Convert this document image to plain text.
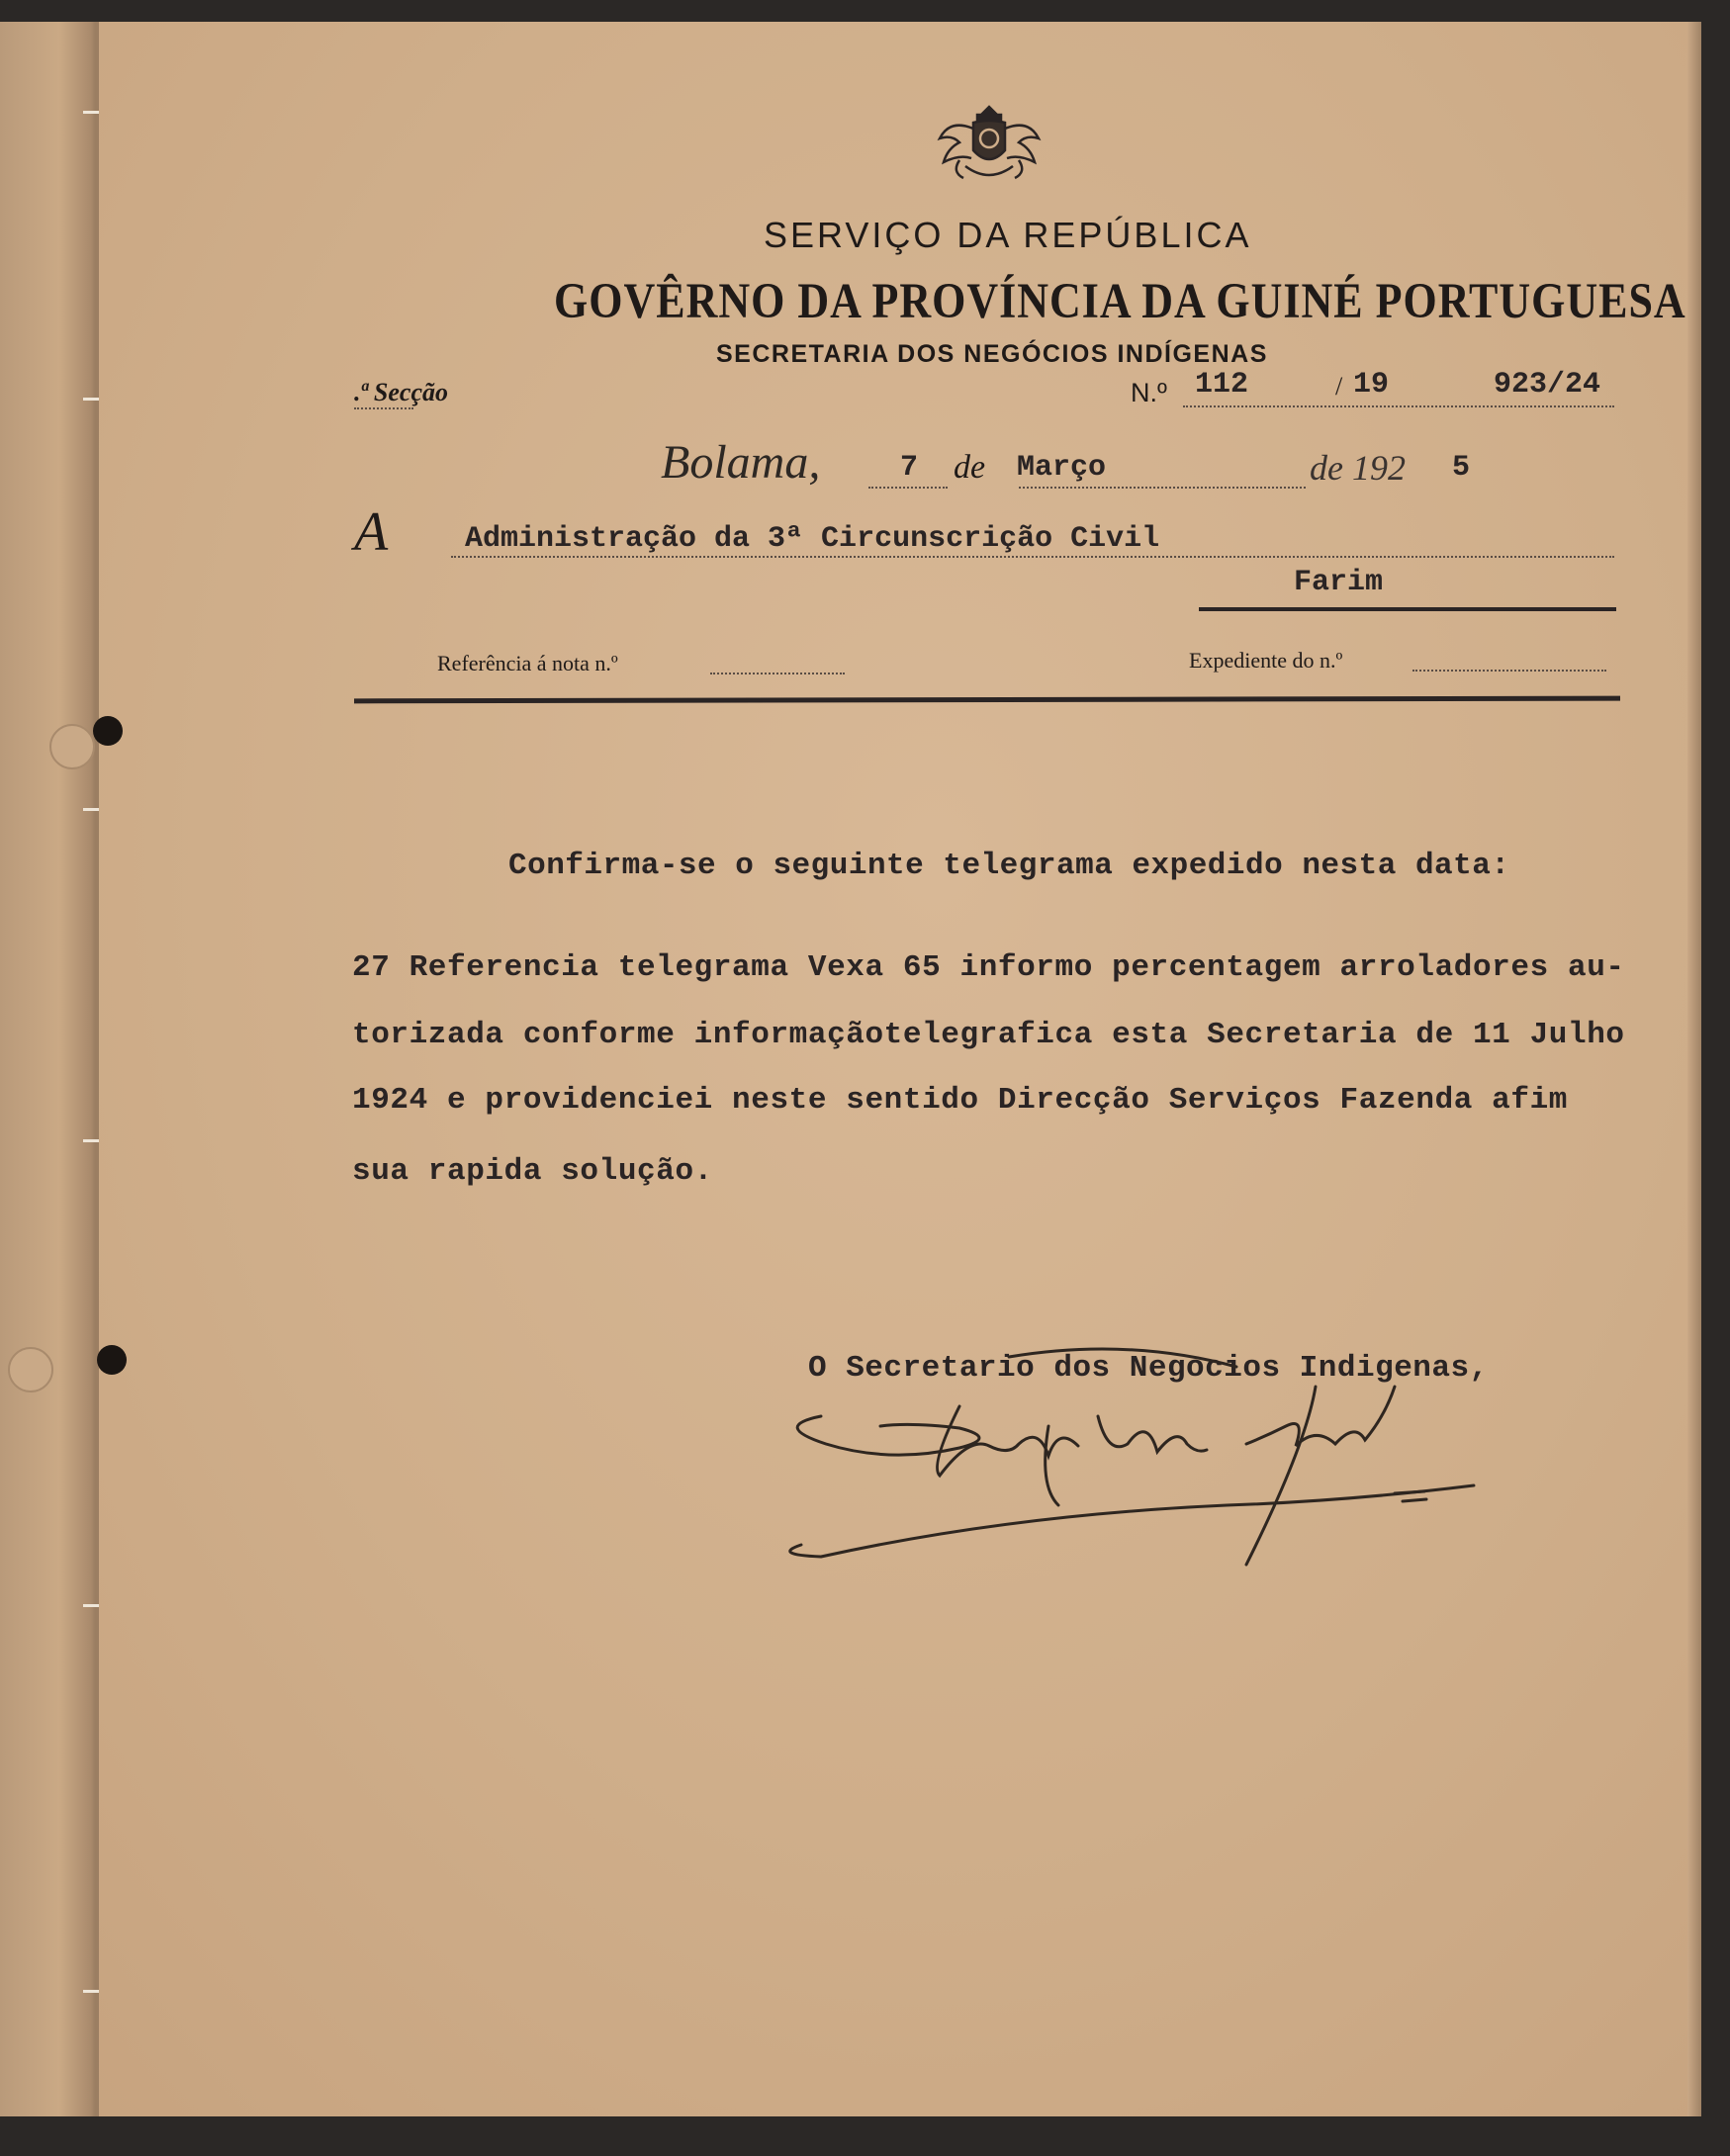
SERVIÇO DA REPÚBLICA
GOVÊRNO DA PROVÍNCIA DA GUINÉ PORTUGUESA
SECRETARIA DOS NEGÓCIOS INDÍGENAS
.ª Secção	N.º 112	/ 19	923/24
Bolama,	7 de Março	de 192 5
A	Administração da 3ª Circunscrição Civil
Farim
Referência á nota n.º	Expediente do n.º
Confirma-se o seguinte telegrama expedido nesta data:
27 Referencia telegrama Vexa 65 informo percentagem arroladores au-
torizada conforme informaçãotelegrafica esta Secretaria de 11 Julho
1924 e providenciei neste sentido Direcção Serviços Fazenda afim
sua rapida solução.
O Secretario dos Negocios Indigenas,
